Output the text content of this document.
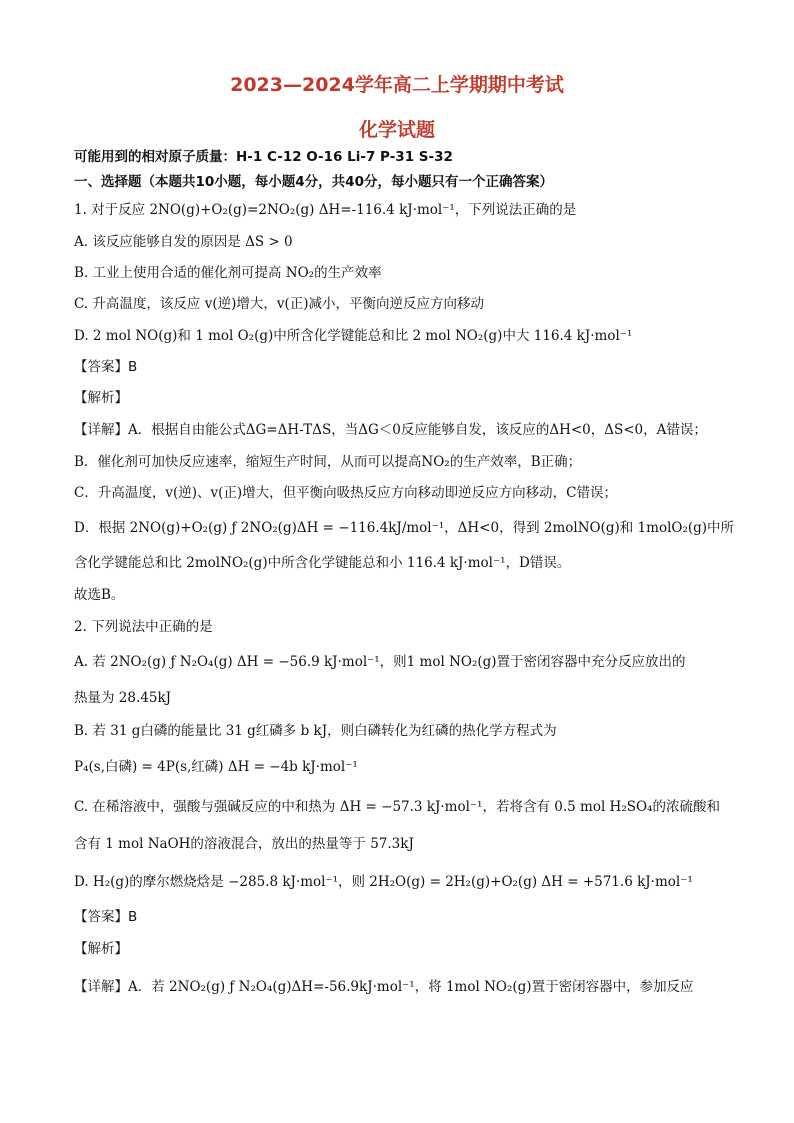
2023—2024学年高二上学期期中考试
化学试题
可能用到的相对原子质量：H-1 C-12 O-16 Li-7 P-31 S-32
一、选择题（本题共10小题，每小题4分，共40分，每小题只有一个正确答案）
1. 对于反应 2NO(g)+O₂(g)=2NO₂(g) ΔH=-116.4 kJ·mol⁻¹，下列说法正确的是
A. 该反应能够自发的原因是 ΔS > 0
B. 工业上使用合适的催化剂可提高 NO₂的生产效率
C. 升高温度，该反应 v(逆)增大，v(正)减小，平衡向逆反应方向移动
D. 2 mol NO(g)和 1 mol O₂(g)中所含化学键能总和比 2 mol NO₂(g)中大 116.4 kJ·mol⁻¹
【答案】B
【解析】
【详解】A．根据自由能公式ΔG=ΔH-TΔS，当ΔG＜0反应能够自发，该反应的ΔH<0，ΔS<0，A错误；
B．催化剂可加快反应速率，缩短生产时间，从而可以提高NO₂的生产效率，B正确；
C．升高温度，v(逆)、v(正)增大，但平衡向吸热反应方向移动即逆反应方向移动，C错误；
D．根据 2NO(g)+O₂(g) ƒ 2NO₂(g)ΔH = −116.4kJ/mol⁻¹，ΔH<0，得到 2molNO(g)和 1molO₂(g)中所
含化学键能总和比 2molNO₂(g)中所含化学键能总和小 116.4 kJ·mol⁻¹，D错误。
故选B。
2. 下列说法中正确的是
A. 若 2NO₂(g) ƒ N₂O₄(g) ΔH = −56.9 kJ·mol⁻¹，则1 mol NO₂(g)置于密闭容器中充分反应放出的
热量为 28.45kJ
B. 若 31 g白磷的能量比 31 g红磷多 b kJ，则白磷转化为红磷的热化学方程式为
P₄(s,白磷) = 4P(s,红磷) ΔH = −4b kJ·mol⁻¹
C. 在稀溶液中，强酸与强碱反应的中和热为 ΔH = −57.3 kJ·mol⁻¹，若将含有 0.5 mol H₂SO₄的浓硫酸和
含有 1 mol NaOH的溶液混合，放出的热量等于 57.3kJ
D. H₂(g)的摩尔燃烧焓是 −285.8 kJ·mol⁻¹，则 2H₂O(g) = 2H₂(g)+O₂(g) ΔH = +571.6 kJ·mol⁻¹
【答案】B
【解析】
【详解】A．若 2NO₂(g) ƒ N₂O₄(g)ΔH=-56.9kJ·mol⁻¹，将 1mol NO₂(g)置于密闭容器中，参加反应
